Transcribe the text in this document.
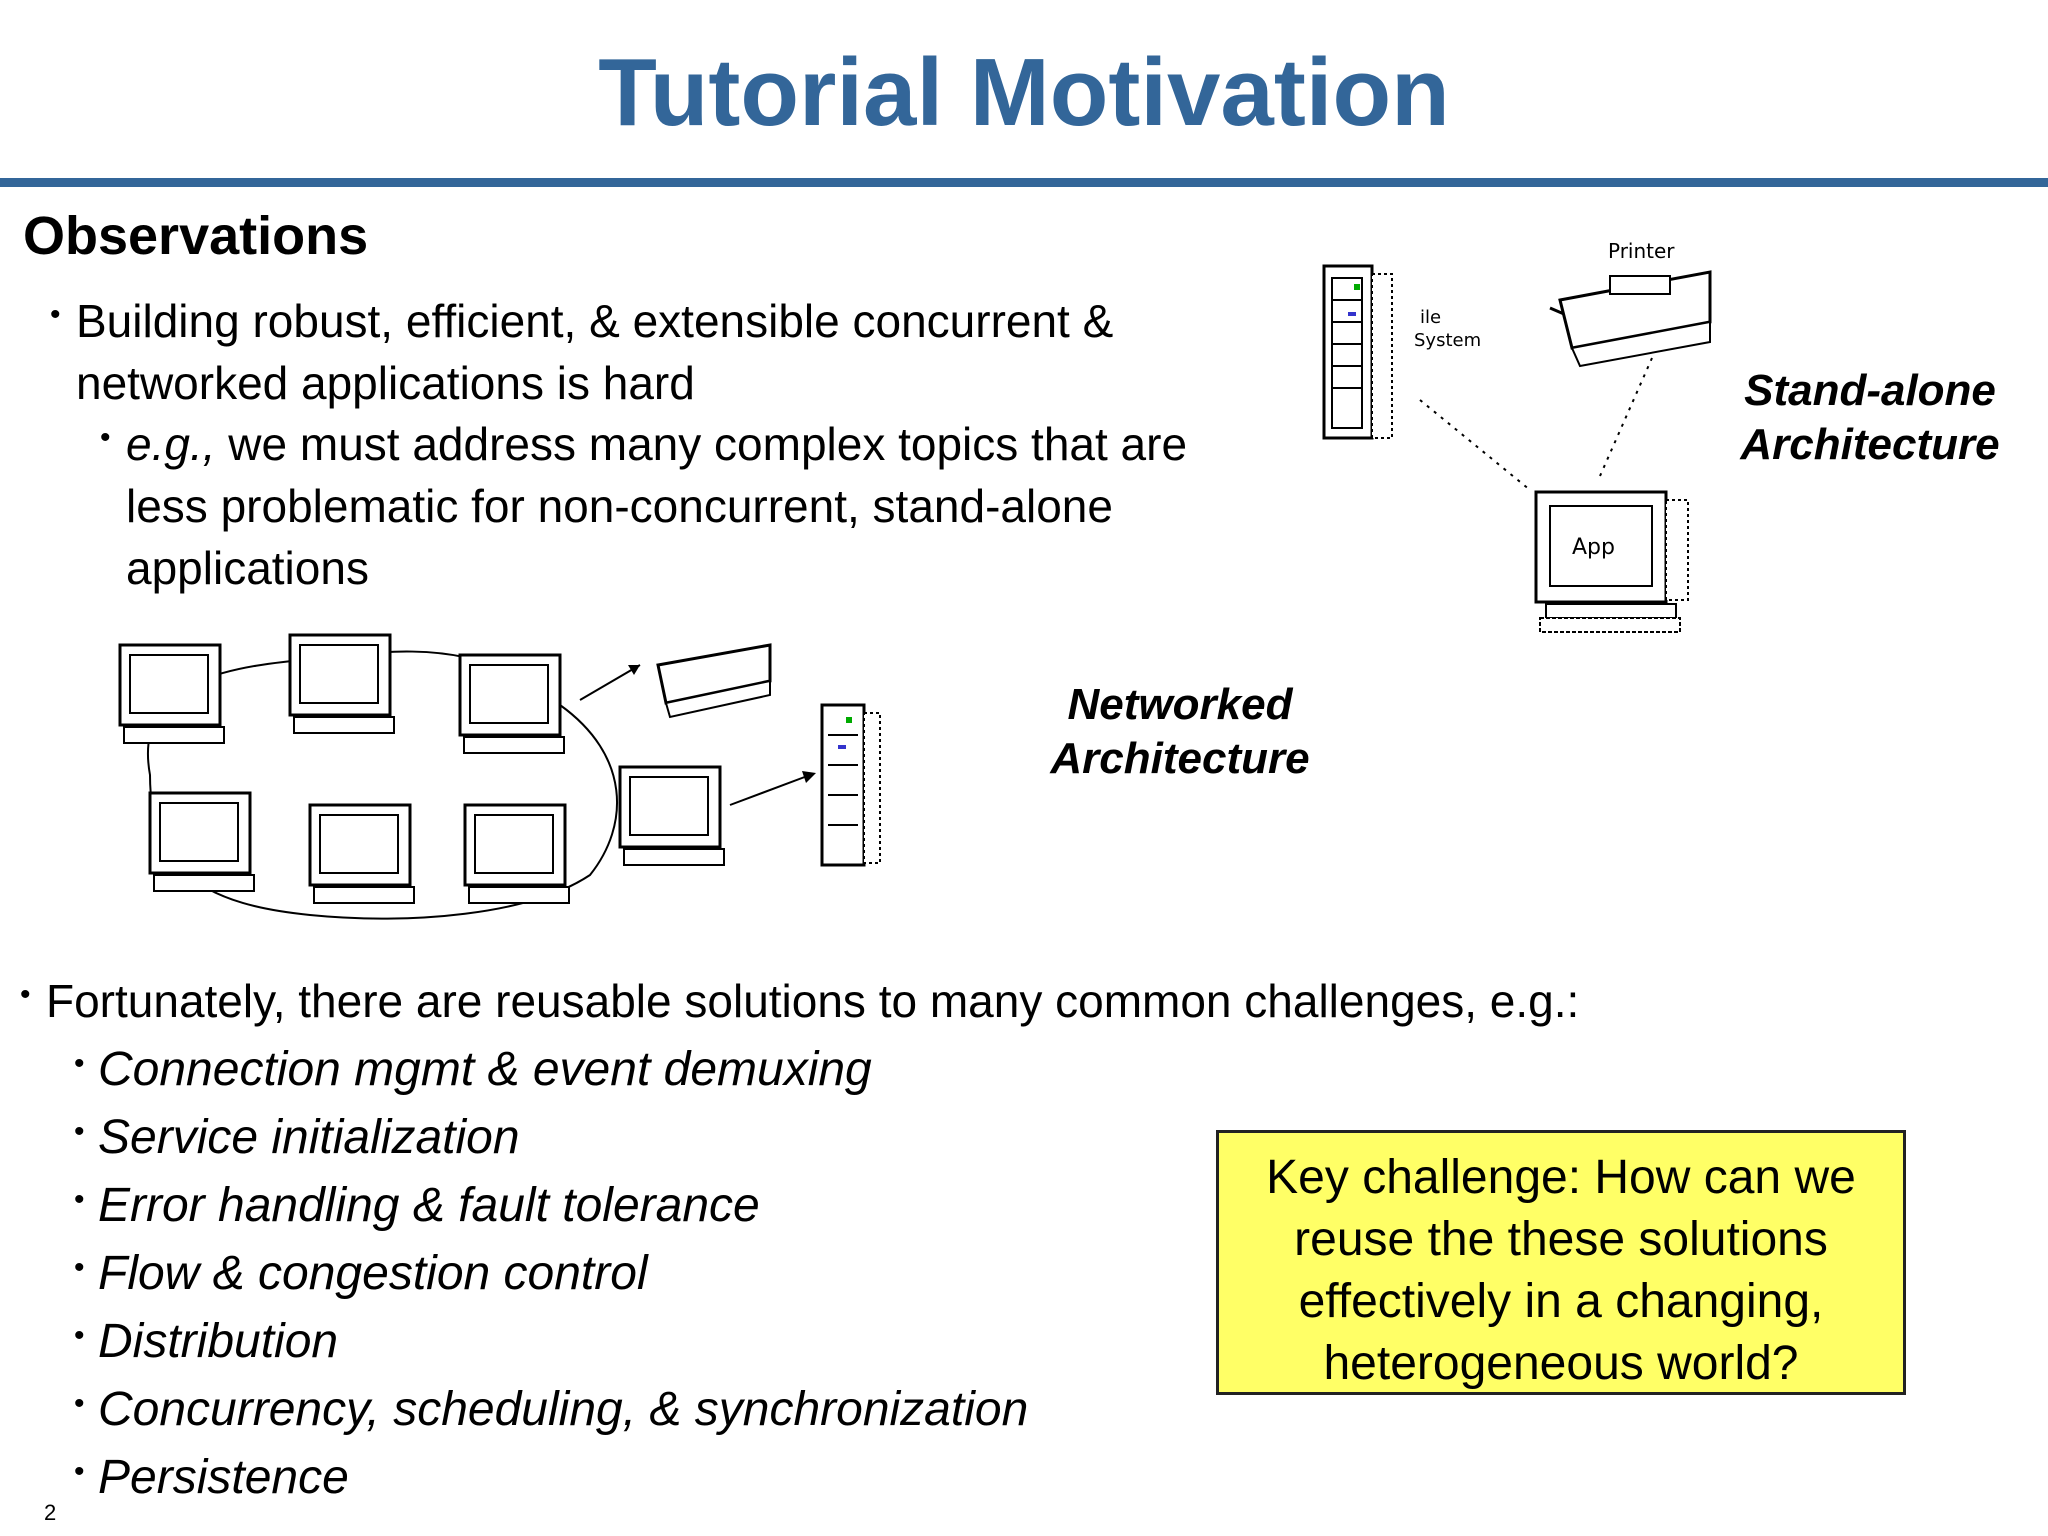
Tutorial Motivation
Observations
• Building robust, efficient, & extensible concurrent & networked applications is hard
• e.g., we must address many complex topics that are less problematic for non-concurrent, stand-alone applications
ile
System
Printer
App
Stand-alone
Architecture
Networked
Architecture
• Fortunately, there are reusable solutions to many common challenges, e.g.:
• Connection mgmt & event demuxing
• Service initialization
• Error handling & fault tolerance
• Flow & congestion control
• Distribution
• Concurrency, scheduling, & synchronization
• Persistence
Key challenge: How can we reuse the these solutions effectively in a changing, heterogeneous world?
2
